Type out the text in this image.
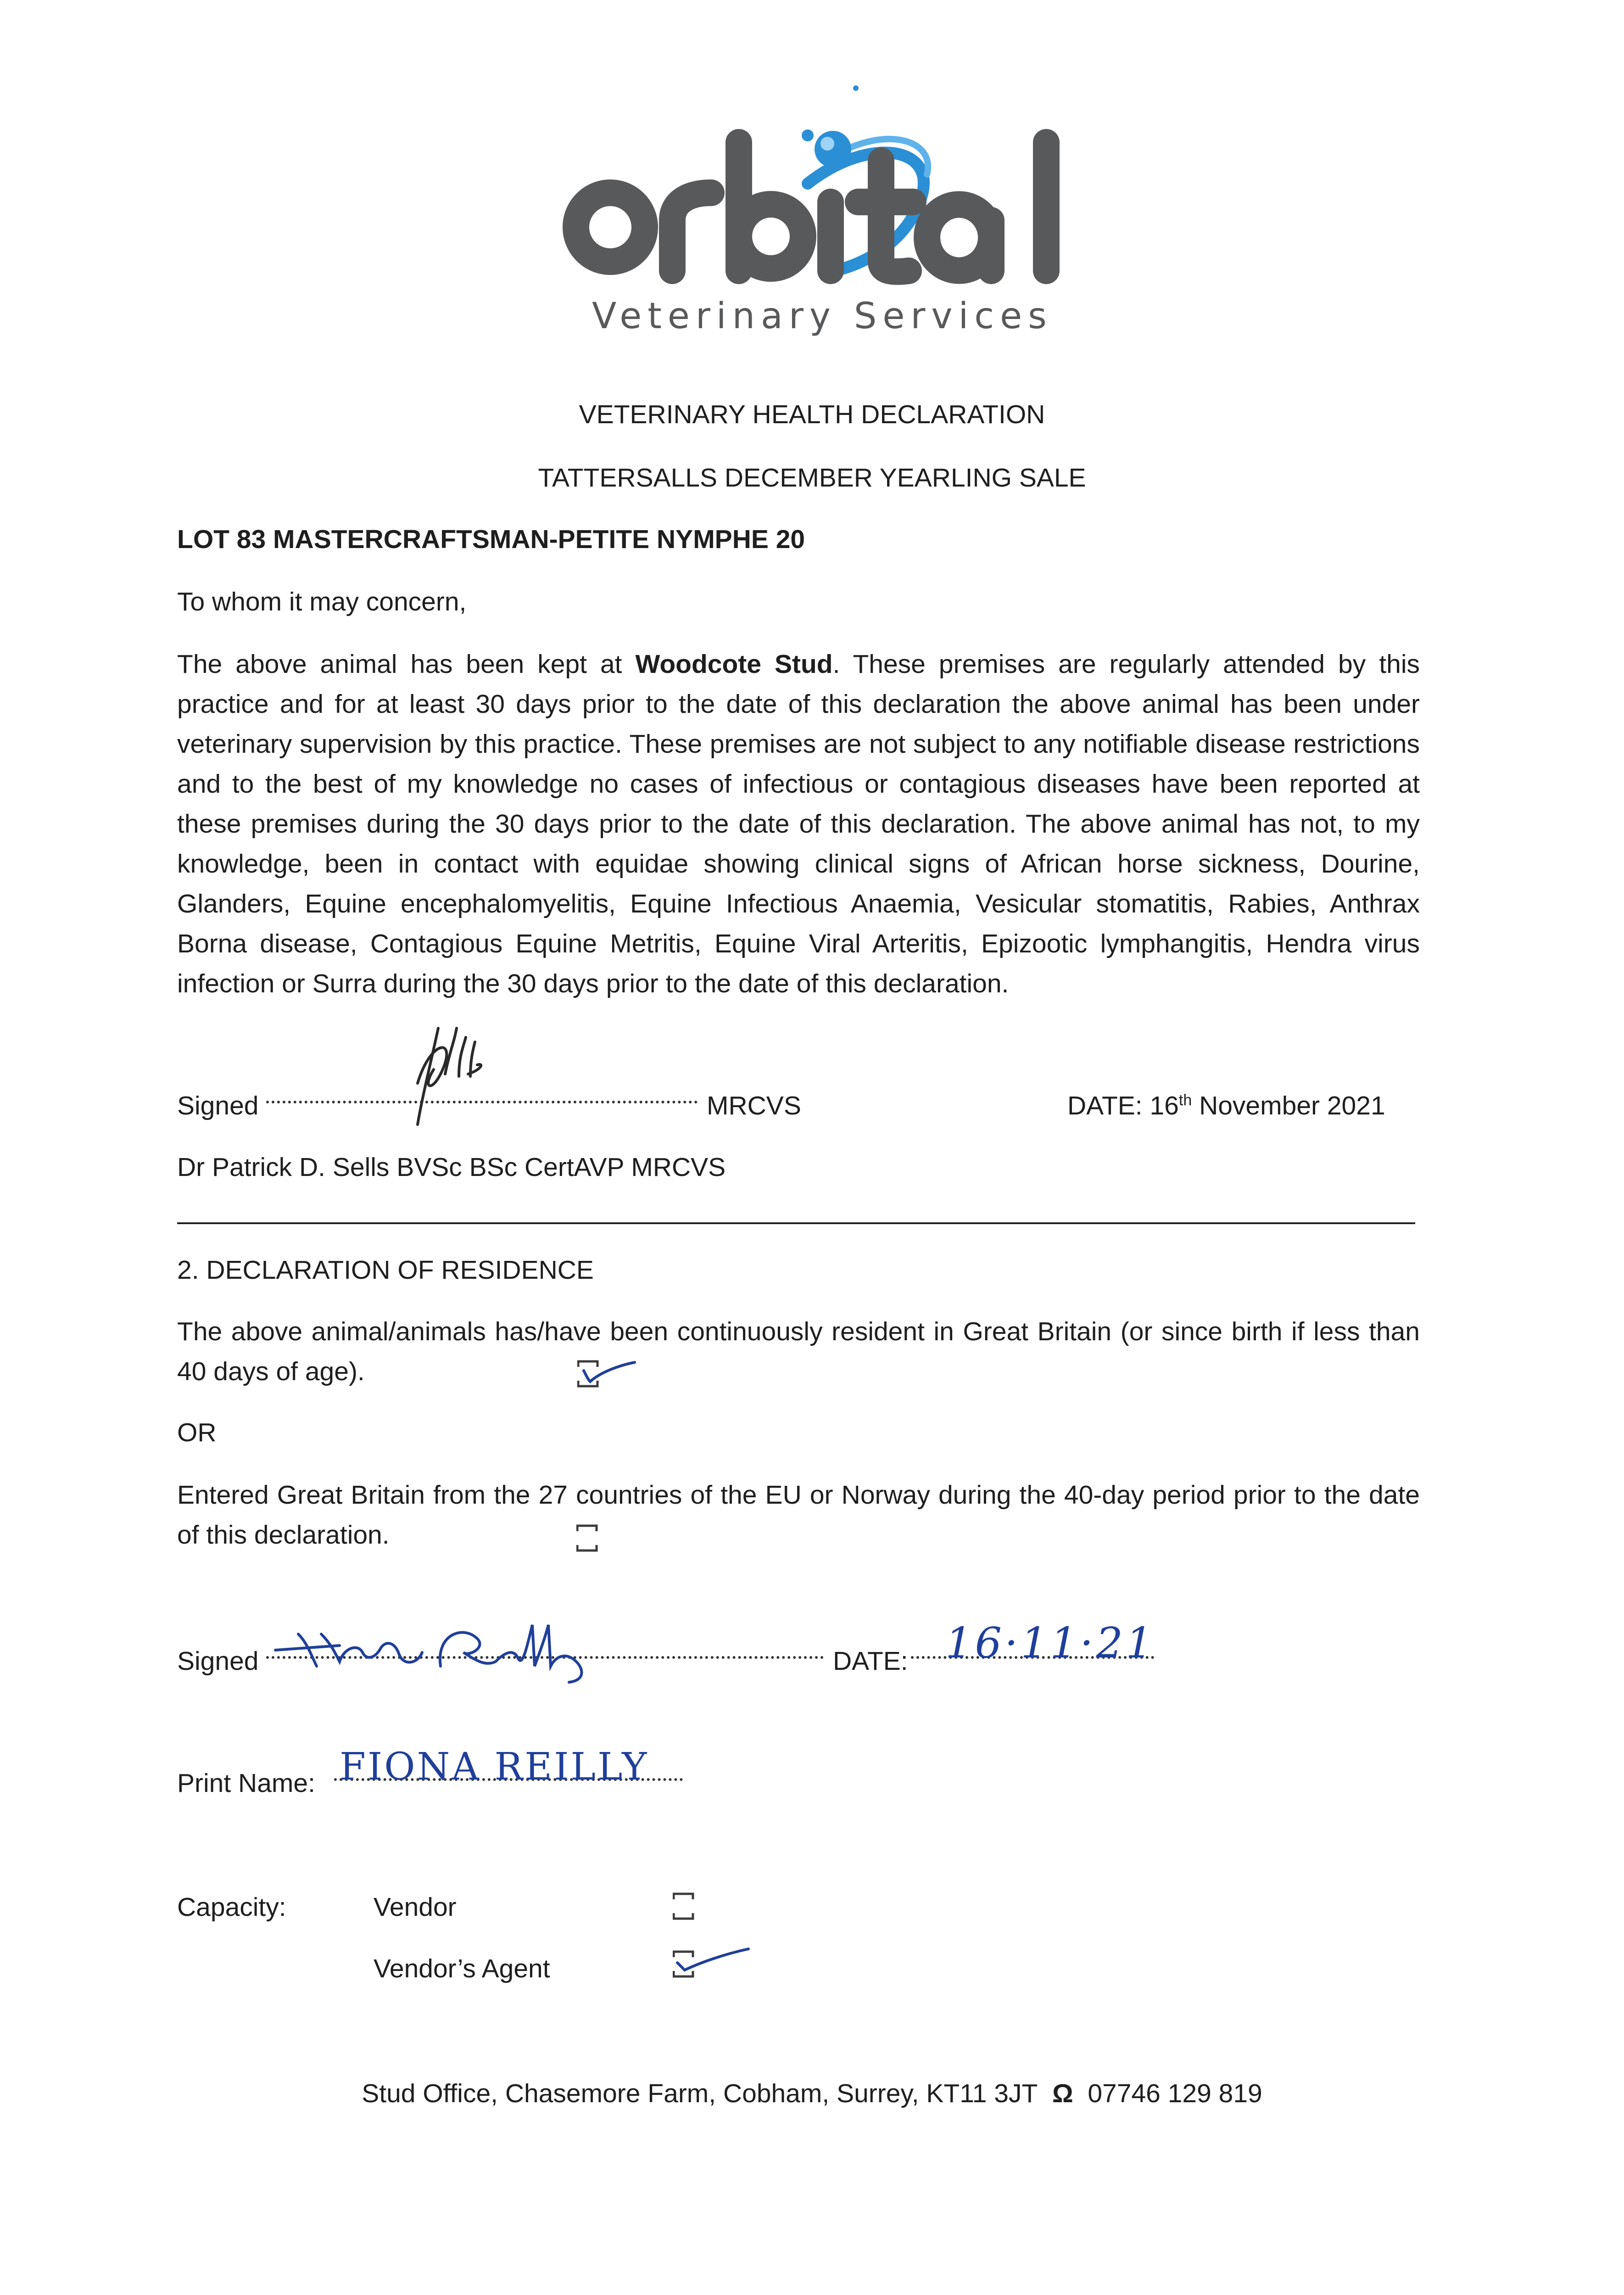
Veterinary Services
VETERINARY HEALTH DECLARATION
TATTERSALLS DECEMBER YEARLING SALE
LOT 83 MASTERCRAFTSMAN-PETITE NYMPHE 20
To whom it may concern,
The above animal has been kept at Woodcote Stud. These premises are regularly attended by this practice and for at least 30 days prior to the date of this declaration the above animal has been under veterinary supervision by this practice. These premises are not subject to any notifiable disease restrictions and to the best of my knowledge no cases of infectious or contagious diseases have been reported at these premises during the 30 days prior to the date of this declaration. The above animal has not, to my knowledge, been in contact with equidae showing clinical signs of African horse sickness, Dourine, Glanders, Equine encephalomyelitis, Equine Infectious Anaemia, Vesicular stomatitis, Rabies, Anthrax Borna disease, Contagious Equine Metritis, Equine Viral Arteritis, Epizootic lymphangitis, Hendra virus infection or Surra during the 30 days prior to the date of this declaration.
Signed	MRCVS	DATE: 16th November 2021
Dr Patrick D. Sells BVSc BSc CertAVP MRCVS
2. DECLARATION OF RESIDENCE
The above animal/animals has/have been continuously resident in Great Britain (or since birth if less than 40 days of age).
OR
Entered Great Britain from the 27 countries of the EU or Norway during the 40-day period prior to the date of this declaration.
Signed	DATE: 16·11·21
Print Name: FIONA REILLY
Capacity:	Vendor
Vendor’s Agent
Stud Office, Chasemore Farm, Cobham, Surrey, KT11 3JT Ω 07746 129 819
